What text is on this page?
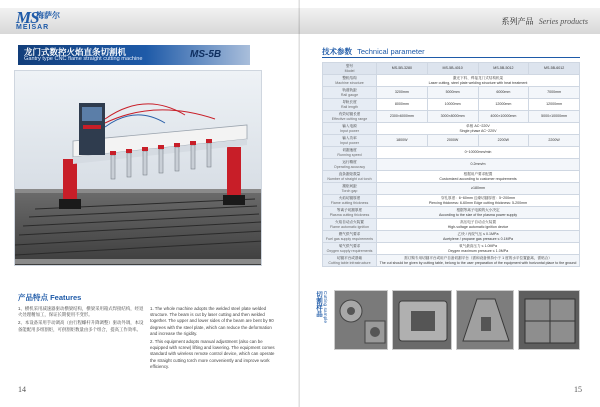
MS
梅萨尔
MEISAR
龙门式数控火焰直条切割机
Gantry type CNC flame straight cutting machine	MS-5B
产品特点 Features

1、横机采用减速器驱动横梁结构，横梁采用箱式焊接结构，经退火处理精加工，保证长期使用不变形。

2、本设备采用手动调高（由行程螺杆升降调整）驱动外调，本设备能配用多组割炬，可供割炬数量由多个组合，提高工作效率。

1. The whole machine adopts the welded steel plate welded structure. The beam is cut by laser cutting and then welded together. The upper and lower sides of the beam are bent by 90 degrees with the steel plate, which can reduce the deformation and increase the rigidity.

2. This equipment adopts manual adjustment (also can be equipped with screw) lifting and lowering. The equipment comes standard with wireless remote control device, which can operate the straight cutting torch more conveniently and improve work efficiency.

14
系列产品 Series products
技术参数 Technical parameter
型号
Model	MS-5B-3280	MS-5B-4010	MS-5B-5012	MS-5B-6012
整机结构
Machine structure	激光下料、焊接龙门式结构机架
Laser cutting, steel plate welding structure with heat treatment			
轨道轨距
Rail gauge	3200mm	5000mm	6000mm	7000mm
导轨长度
Rail length	8000mm	10000mm	12000mm	12000mm
有效切割长度
Effective cutting range	2300×6000mm	3000×8000mm	4000×10000mm	5000×10000mm
输入电源
Input power	单相 AC~220V
Single phase AC~220V			
输入功率
Input power	1800W	2000W	2200W	2200W
切割速度
Running speed	0~10000mm/min			
运行精度
Operating accuracy	0.2mm/m			
直条割炬数量
Number of straight cut torch	根据用户要求配置
Customized according to customer requirements			
割炬间距
Torch gap	≥180mm			
火焰切割厚度
Flame cutting thickness	穿孔厚度：6~60mm 边缘切割厚度：5~200mm
Piercing thickness: 6-60mm Edge cutting thickness: 5-200mm			
等离子切割厚度
Plasma cutting thickness	根据等离子电源的大小决定
According to the size of the plasma power supply			
火焰自动点火装置
Flame automatic ignition	高压电子自动点火装置
High-voltage automatic ignition device			
燃气供气要求
Fuel gas supply requirements	乙炔 / 丙烷气压 ≤ 0.1MPa
Acetylene / propane gas pressure ≤ 0.1MPa			
氧气供气要求
Oxygen supply requirements	氧气最高压力 ≤ 1.0MPa
Oxygen maximum pressure ≤ 1.0MPa			
切割平台或基础
Cutting table infrastructure	需订购专用切割平台或用户自备切割平台（需和设备保持小于 1 度的水平位置距离，需贴合）
The cut should be given by cutting table, belong to the user preparation of the equipment with horizontal place to the ground			
切割样品 Cutting sample
15
